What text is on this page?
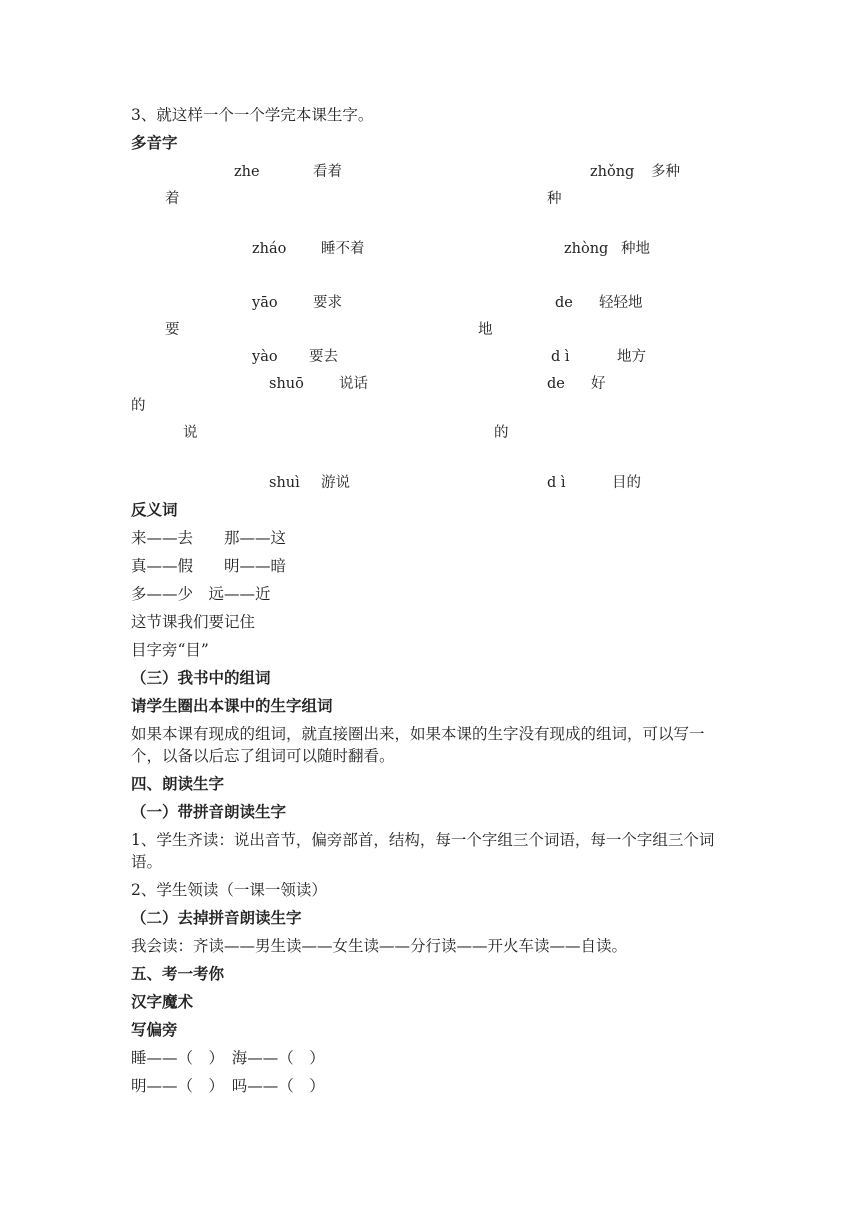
3、就这样一个一个学完本课生字。
多音字
zhe	看着	zhǒng 多种
着	种
zháo 睡不着	zhòng 种地
yāo 要求	de 轻轻地
要	地
yào 要去	d ì	地方
shuō 说话	de 好
的
说	的
shuì 游说	d ì	目的
反义词
来——去　　那——这
真——假　　明——暗
多——少　远——近
这节课我们要记住
目字旁“目”
（三）我书中的组词
请学生圈出本课中的生字组词
如果本课有现成的组词，就直接圈出来，如果本课的生字没有现成的组词，可以写一个，以备以后忘了组词可以随时翻看。
四、朗读生字
（一）带拼音朗读生字
1、学生齐读：说出音节，偏旁部首，结构，每一个字组三个词语，每一个字组三个词语。
2、学生领读（一课一领读）
（二）去掉拼音朗读生字
我会读：齐读——男生读——女生读——分行读——开火车读——自读。
五、考一考你
汉字魔术
写偏旁
睡——（　）　海——（　）
明——（　）　吗——（　）
